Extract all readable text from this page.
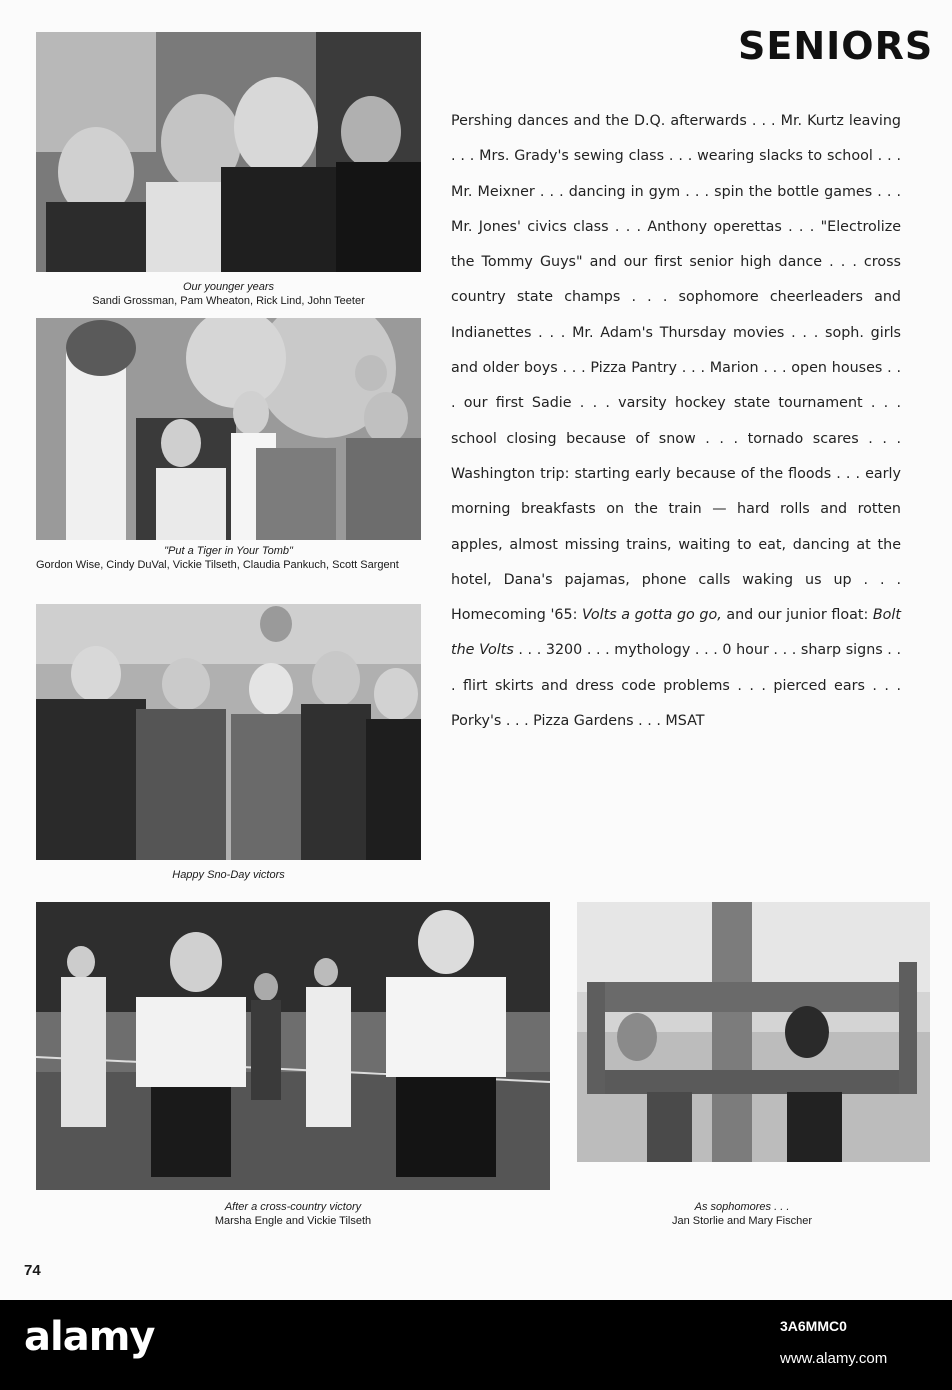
SENIORS
Our younger years
Sandi Grossman, Pam Wheaton, Rick Lind, John Teeter
"Put a Tiger in Your Tomb"
Gordon Wise, Cindy DuVal, Vickie Tilseth, Claudia Pankuch, Scott Sargent
Happy Sno-Day victors
Pershing dances and the D.Q. afterwards . . . Mr. Kurtz leaving . . . Mrs. Grady's sewing class . . . wearing slacks to school . . . Mr. Meixner . . . dancing in gym . . . spin the bottle games . . . Mr. Jones' civics class . . . Anthony operettas . . . "Electrolize the Tommy Guys" and our first senior high dance . . . cross country state champs . . . sophomore cheerleaders and Indianettes . . . Mr. Adam's Thursday movies . . . soph. girls and older boys . . . Pizza Pantry . . . Marion . . . open houses . . . our first Sadie . . . varsity hockey state tournament . . . school closing because of snow . . . tornado scares . . . Washington trip: starting early because of the floods . . . early morning breakfasts on the train — hard rolls and rotten apples, almost missing trains, waiting to eat, dancing at the hotel, Dana's pajamas, phone calls waking us up . . . Homecoming '65: Volts a gotta go go, and our junior float: Bolt the Volts . . . 3200 . . . mythology . . . 0 hour . . . sharp signs . . . flirt skirts and dress code problems . . . pierced ears . . . Porky's . . . Pizza Gardens . . . MSAT
After a cross-country victory
Marsha Engle and Vickie Tilseth
As sophomores . . .
Jan Storlie and Mary Fischer
74
alamy	3A6MMC0
www.alamy.com
